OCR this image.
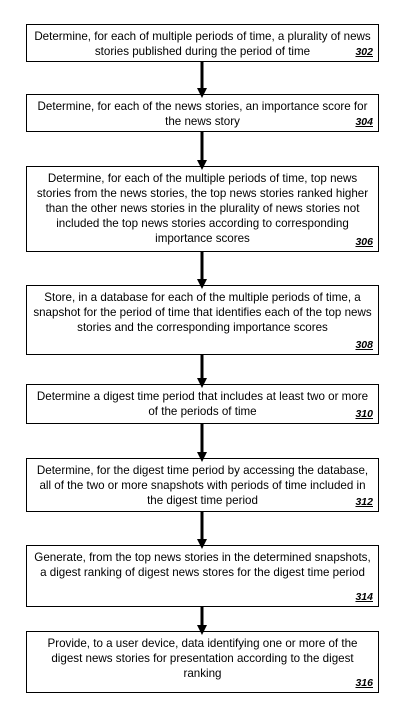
Determine, for each of multiple periods of time, a plurality of news stories published during the period of time	302
Determine, for each of the news stories, an importance score for the news story	304
Determine, for each of the multiple periods of time, top news stories from the news stories, the top news stories ranked higher than the other news stories in the plurality of news stories not included the top news stories according to corresponding importance scores	306
Store, in a database for each of the multiple periods of time, a snapshot for the period of time that identifies each of the top news stories and the corresponding importance scores
308
Determine a digest time period that includes at least two or more of the periods of time	310
Determine, for the digest time period by accessing the database, all of the two or more snapshots with periods of time included in the digest time period	312
Generate, from the top news stories in the determined snapshots, a digest ranking of digest news stores for the digest time period
314
Provide, to a user device, data identifying one or more of the digest news stories for presentation according to the digest ranking
316
